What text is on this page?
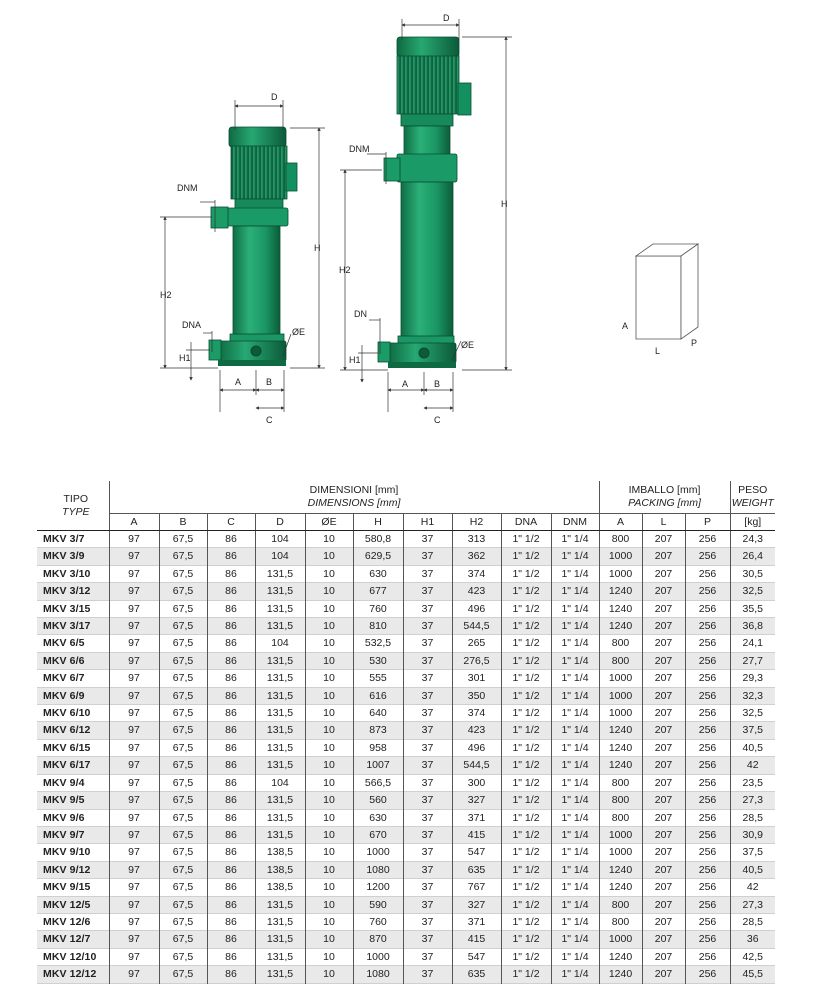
D
H
DNM
H2
DNA
H1
ØE
A	B
C
D
H
DNM
H2
DN
H1
ØE
A	B
C
A
L
P
TIPO
TYPE	DIMENSIONI [mm]
DIMENSIONS [mm]										IMBALLO [mm]
PACKING [mm]			PESO
WEIGHT
	A	B	C	D	ØE	H	H1	H2	DNA	DNM	A	L	P	[kg]
MKV 3/7	97	67,5	86	104	10	580,8	37	313	1" 1/2	1" 1/4	800	207	256	24,3
MKV 3/9	97	67,5	86	104	10	629,5	37	362	1" 1/2	1" 1/4	1000	207	256	26,4
MKV 3/10	97	67,5	86	131,5	10	630	37	374	1" 1/2	1" 1/4	1000	207	256	30,5
MKV 3/12	97	67,5	86	131,5	10	677	37	423	1" 1/2	1" 1/4	1240	207	256	32,5
MKV 3/15	97	67,5	86	131,5	10	760	37	496	1" 1/2	1" 1/4	1240	207	256	35,5
MKV 3/17	97	67,5	86	131,5	10	810	37	544,5	1" 1/2	1" 1/4	1240	207	256	36,8
MKV 6/5	97	67,5	86	104	10	532,5	37	265	1" 1/2	1" 1/4	800	207	256	24,1
MKV 6/6	97	67,5	86	131,5	10	530	37	276,5	1" 1/2	1" 1/4	800	207	256	27,7
MKV 6/7	97	67,5	86	131,5	10	555	37	301	1" 1/2	1" 1/4	1000	207	256	29,3
MKV 6/9	97	67,5	86	131,5	10	616	37	350	1" 1/2	1" 1/4	1000	207	256	32,3
MKV 6/10	97	67,5	86	131,5	10	640	37	374	1" 1/2	1" 1/4	1000	207	256	32,5
MKV 6/12	97	67,5	86	131,5	10	873	37	423	1" 1/2	1" 1/4	1240	207	256	37,5
MKV 6/15	97	67,5	86	131,5	10	958	37	496	1" 1/2	1" 1/4	1240	207	256	40,5
MKV 6/17	97	67,5	86	131,5	10	1007	37	544,5	1" 1/2	1" 1/4	1240	207	256	42
MKV 9/4	97	67,5	86	104	10	566,5	37	300	1" 1/2	1" 1/4	800	207	256	23,5
MKV 9/5	97	67,5	86	131,5	10	560	37	327	1" 1/2	1" 1/4	800	207	256	27,3
MKV 9/6	97	67,5	86	131,5	10	630	37	371	1" 1/2	1" 1/4	800	207	256	28,5
MKV 9/7	97	67,5	86	131,5	10	670	37	415	1" 1/2	1" 1/4	1000	207	256	30,9
MKV 9/10	97	67,5	86	138,5	10	1000	37	547	1" 1/2	1" 1/4	1000	207	256	37,5
MKV 9/12	97	67,5	86	138,5	10	1080	37	635	1" 1/2	1" 1/4	1240	207	256	40,5
MKV 9/15	97	67,5	86	138,5	10	1200	37	767	1" 1/2	1" 1/4	1240	207	256	42
MKV 12/5	97	67,5	86	131,5	10	590	37	327	1" 1/2	1" 1/4	800	207	256	27,3
MKV 12/6	97	67,5	86	131,5	10	760	37	371	1" 1/2	1" 1/4	800	207	256	28,5
MKV 12/7	97	67,5	86	131,5	10	870	37	415	1" 1/2	1" 1/4	1000	207	256	36
MKV 12/10	97	67,5	86	131,5	10	1000	37	547	1" 1/2	1" 1/4	1240	207	256	42,5
MKV 12/12	97	67,5	86	131,5	10	1080	37	635	1" 1/2	1" 1/4	1240	207	256	45,5
